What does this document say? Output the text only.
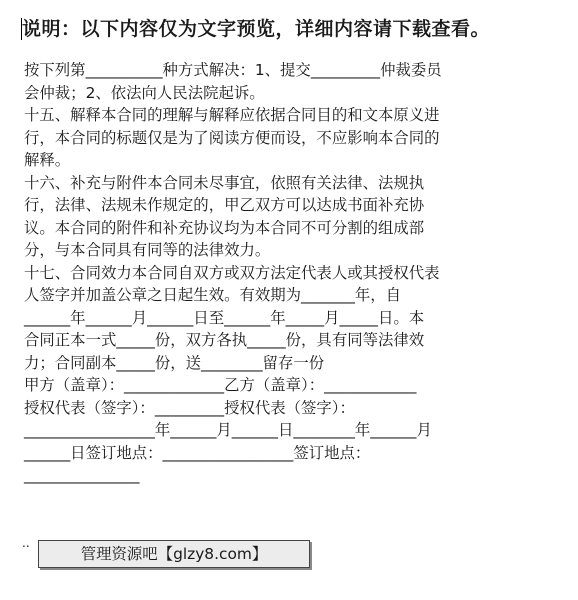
说明：以下内容仅为文字预览，详细内容请下载查看。
按下列第__________种方式解决：1、提交_________仲裁委员
会仲裁；2、依法向人民法院起诉。
十五、解释本合同的理解与解释应依据合同目的和文本原义进
行，本合同的标题仅是为了阅读方便而设，不应影响本合同的
解释。
十六、补充与附件本合同未尽事宜，依照有关法律、法规执
行，法律、法规未作规定的，甲乙双方可以达成书面补充协
议。本合同的附件和补充协议均为本合同不可分割的组成部
分，与本合同具有同等的法律效力。
十七、合同效力本合同自双方或双方法定代表人或其授权代表
人签字并加盖公章之日起生效。有效期为_______年，自
______年______月______日至______年_____月_____日。本
合同正本一式_____份，双方各执_____份，具有同等法律效
力；合同副本_____份，送________留存一份
甲方（盖章）：_____________乙方（盖章）：____________
授权代表（签字）：_________授权代表（签字）：
_________________年______月______日________年______月
______日签订地点：_________________签订地点：
_______________
..
管理资源吧【glzy8.com】
